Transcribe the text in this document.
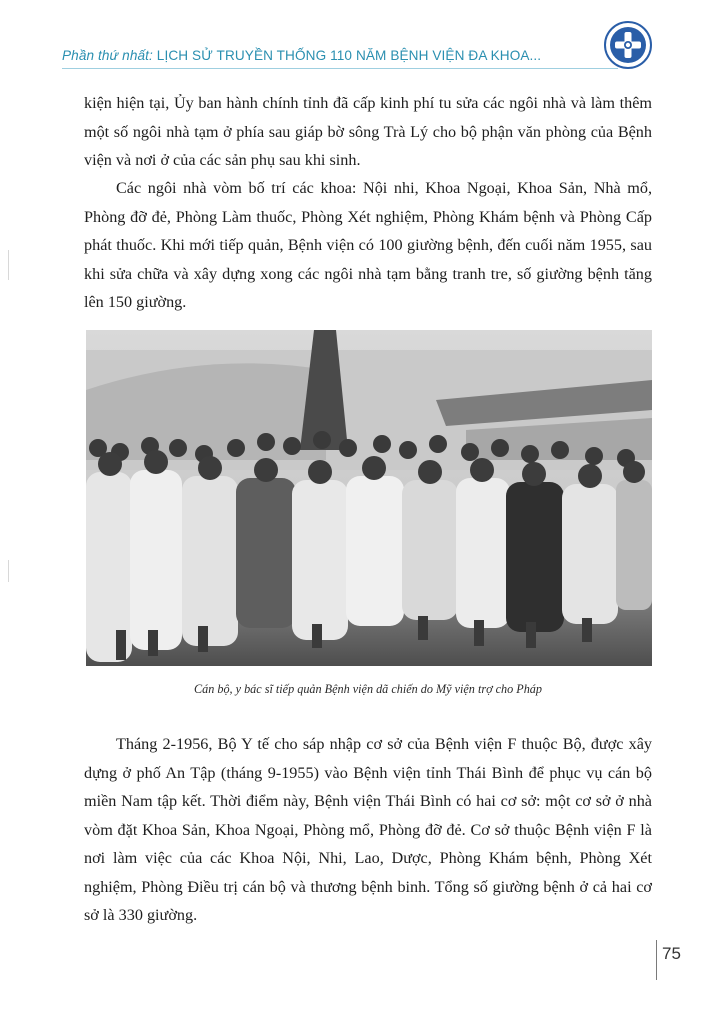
Phần thứ nhất: LỊCH SỬ TRUYỀN THỐNG 110 NĂM BỆNH VIỆN ĐA KHOA...

kiện hiện tại, Ủy ban hành chính tỉnh đã cấp kinh phí tu sửa các ngôi nhà và làm thêm một số ngôi nhà tạm ở phía sau giáp bờ sông Trà Lý cho bộ phận văn phòng của Bệnh viện và nơi ở của các sản phụ sau khi sinh.

Các ngôi nhà vòm bố trí các khoa: Nội nhi, Khoa Ngoại, Khoa Sản, Nhà mổ, Phòng đỡ đẻ, Phòng Làm thuốc, Phòng Xét nghiệm, Phòng Khám bệnh và Phòng Cấp phát thuốc. Khi mới tiếp quản, Bệnh viện có 100 giường bệnh, đến cuối năm 1955, sau khi sửa chữa và xây dựng xong các ngôi nhà tạm bằng tranh tre, số giường bệnh tăng lên 150 giường.

Cán bộ, y bác sĩ tiếp quản Bệnh viện dã chiến do Mỹ viện trợ cho Pháp

Tháng 2-1956, Bộ Y tế cho sáp nhập cơ sở của Bệnh viện F thuộc Bộ, được xây dựng ở phố An Tập (tháng 9-1955) vào Bệnh viện tỉnh Thái Bình để phục vụ cán bộ miền Nam tập kết. Thời điểm này, Bệnh viện Thái Bình có hai cơ sở: một cơ sở ở nhà vòm đặt Khoa Sản, Khoa Ngoại, Phòng mổ, Phòng đỡ đẻ. Cơ sở thuộc Bệnh viện F là nơi làm việc của các Khoa Nội, Nhi, Lao, Dược, Phòng Khám bệnh, Phòng Xét nghiệm, Phòng Điều trị cán bộ và thương bệnh binh. Tổng số giường bệnh ở cả hai cơ sở là 330 giường.

75
